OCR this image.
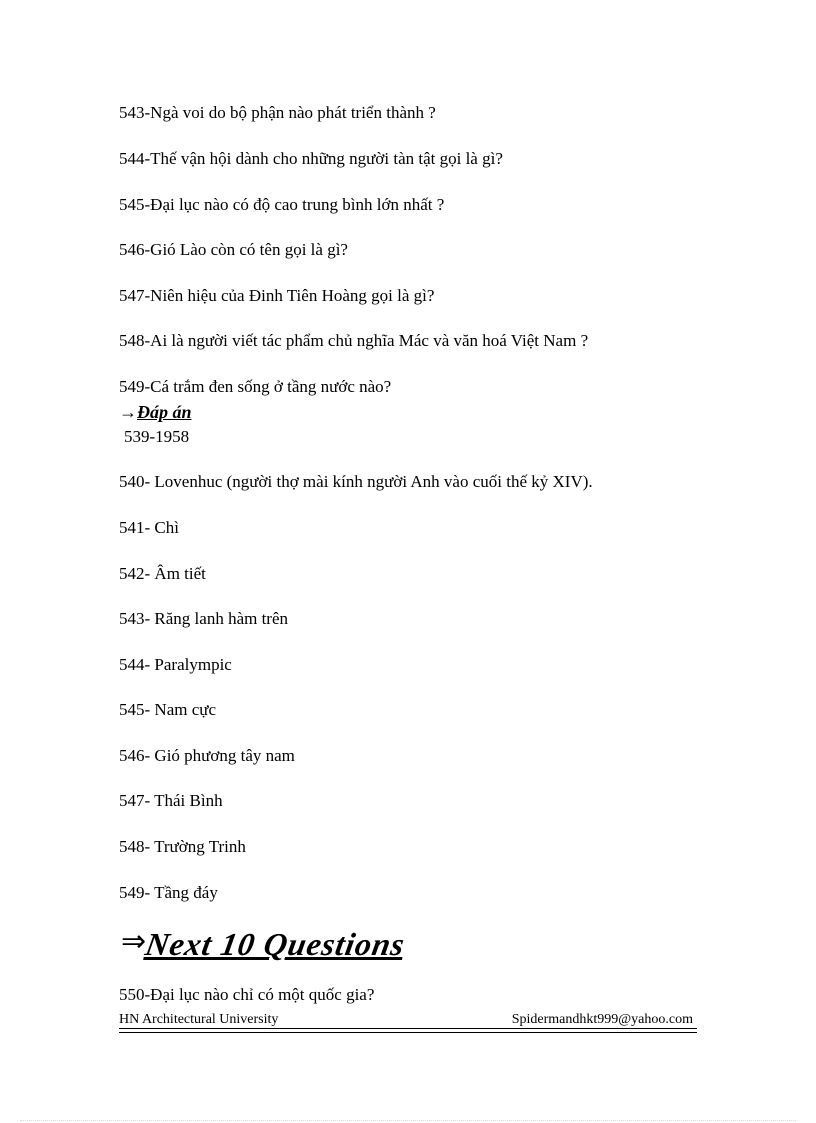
543-Ngà voi do bộ phận nào phát triển thành ?
544-Thế vận hội dành cho những người tàn tật gọi là gì?
545-Đại lục nào có độ cao trung bình lớn nhất ?
546-Gió Lào còn có tên gọi là gì?
547-Niên hiệu của Đinh Tiên Hoàng gọi là gì?
548-Ai là người viết tác phẩm chủ nghĩa Mác và văn hoá Việt Nam ?
549-Cá trắm đen sống ở tầng nước nào?
→Đáp án
539-1958
540- Lovenhuc (người thợ mài kính người Anh vào cuối thế kỷ XIV).
541- Chì
542- Âm tiết
543- Răng lanh hàm trên
544- Paralympic
545- Nam cực
546- Gió phương tây nam
547- Thái Bình
548- Trường Trinh
549- Tầng đáy
⇒Next 10 Questions
550-Đại lục nào chỉ có một quốc gia?
HN Architectural University	Spidermandhkt999@yahoo.com
